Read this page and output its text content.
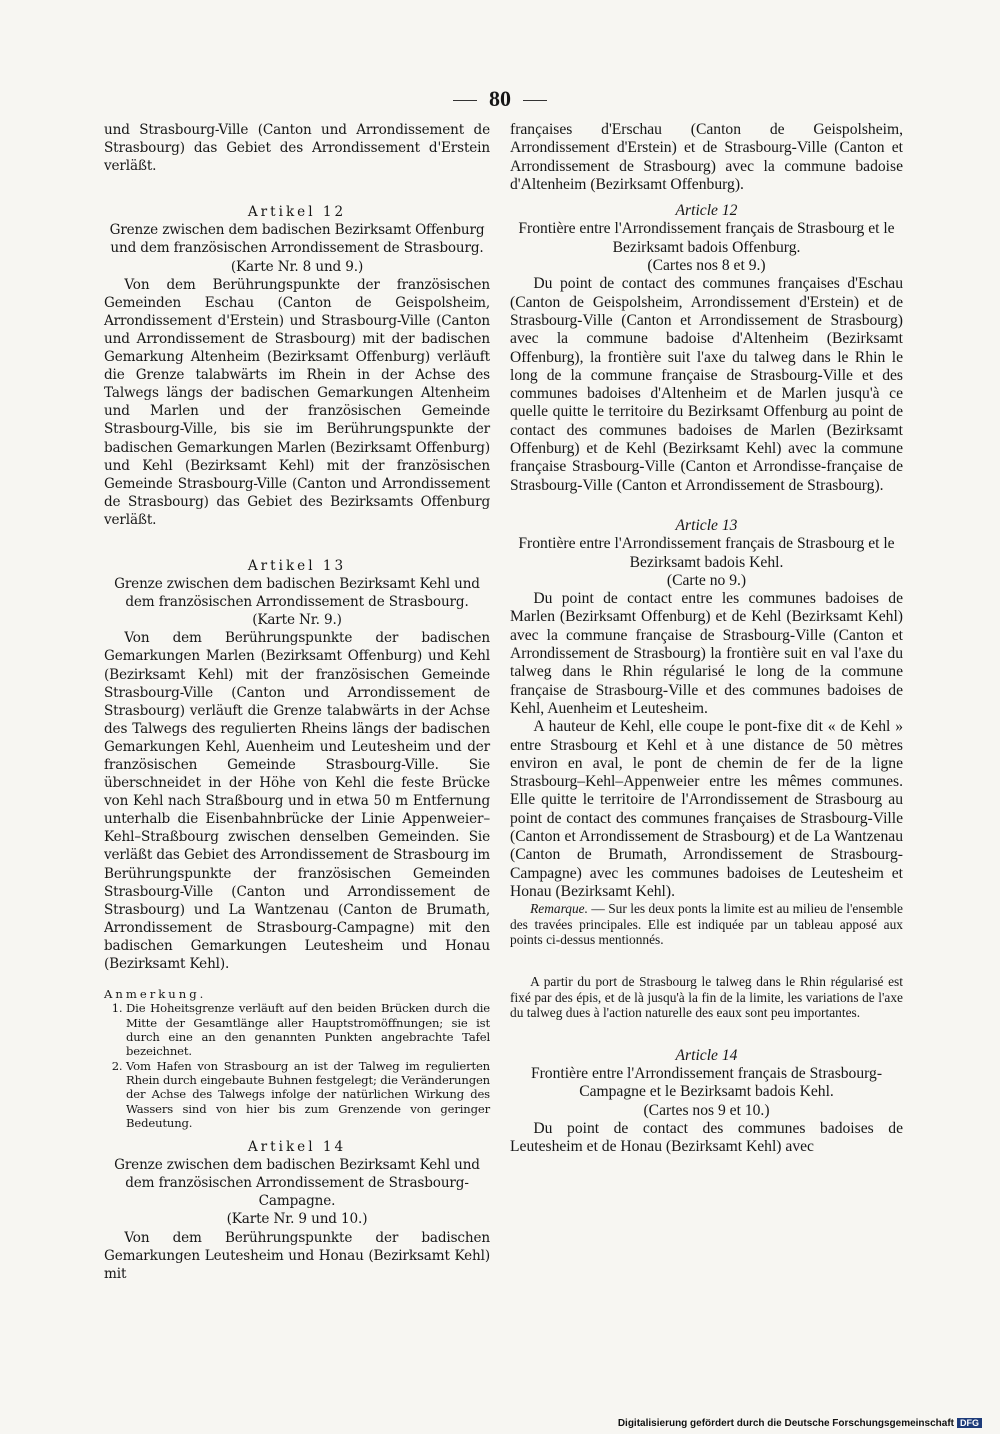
80

und Strasbourg-Ville (Canton und Arrondissement de Strasbourg) das Gebiet des Arrondissement d'Erstein verläßt.

Artikel 12

Grenze zwischen dem badischen Bezirksamt Offenburg und dem französischen Arrondissement de Strasbourg.

(Karte Nr. 8 und 9.)

Von dem Berührungspunkte der französischen Gemeinden Eschau (Canton de Geispolsheim, Arrondissement d'Erstein) und Strasbourg-Ville (Canton und Arrondissement de Strasbourg) mit der badischen Gemarkung Altenheim (Bezirksamt Offenburg) verläuft die Grenze talabwärts im Rhein in der Achse des Talwegs längs der badischen Gemarkungen Altenheim und Marlen und der französischen Gemeinde Strasbourg-Ville, bis sie im Berührungspunkte der badischen Gemarkungen Marlen (Bezirksamt Offenburg) und Kehl (Bezirksamt Kehl) mit der französischen Gemeinde Strasbourg-Ville (Canton und Arrondissement de Strasbourg) das Gebiet des Bezirksamts Offenburg verläßt.

Artikel 13

Grenze zwischen dem badischen Bezirksamt Kehl und dem französischen Arrondissement de Strasbourg.

(Karte Nr. 9.)

Von dem Berührungspunkte der badischen Gemarkungen Marlen (Bezirksamt Offenburg) und Kehl (Bezirksamt Kehl) mit der französischen Gemeinde Strasbourg-Ville (Canton und Arrondissement de Strasbourg) verläuft die Grenze talabwärts in der Achse des Talwegs des regulierten Rheins längs der badischen Gemarkungen Kehl, Auenheim und Leutesheim und der französischen Gemeinde Strasbourg-Ville. Sie überschneidet in der Höhe von Kehl die feste Brücke von Kehl nach Straßbourg und in etwa 50 m Entfernung unterhalb die Eisenbahnbrücke der Linie Appenweier–Kehl–Straßbourg zwischen denselben Gemeinden. Sie verläßt das Gebiet des Arrondissement de Strasbourg im Berührungspunkte der französischen Gemeinden Strasbourg-Ville (Canton und Arrondissement de Strasbourg) und La Wantzenau (Canton de Brumath, Arrondissement de Strasbourg-Campagne) mit den badischen Gemarkungen Leutesheim und Honau (Bezirksamt Kehl).

Anmerkung.
1. Die Hoheitsgrenze verläuft auf den beiden Brücken durch die Mitte der Gesamtlänge aller Hauptstromöffnungen; sie ist durch eine an den genannten Punkten angebrachte Tafel bezeichnet.
2. Vom Hafen von Strasbourg an ist der Talweg im regulierten Rhein durch eingebaute Buhnen festgelegt; die Veränderungen der Achse des Talwegs infolge der natürlichen Wirkung des Wassers sind von hier bis zum Grenzende von geringer Bedeutung.
Artikel 14

Grenze zwischen dem badischen Bezirksamt Kehl und dem französischen Arrondissement de Strasbourg-Campagne.

(Karte Nr. 9 und 10.)

Von dem Berührungspunkte der badischen Gemarkungen Leutesheim und Honau (Bezirksamt Kehl) mit

françaises d'Erschau (Canton de Geispolsheim, Arrondissement d'Erstein) et de Strasbourg-Ville (Canton et Arrondissement de Strasbourg) avec la commune badoise d'Altenheim (Bezirksamt Offenburg).

Article 12

Frontière entre l'Arrondissement français de Strasbourg et le Bezirksamt badois Offenburg.

(Cartes nos 8 et 9.)

Du point de contact des communes françaises d'Eschau (Canton de Geispolsheim, Arrondissement d'Erstein) et de Strasbourg-Ville (Canton et Arrondissement de Strasbourg) avec la commune badoise d'Altenheim (Bezirksamt Offenburg), la frontière suit l'axe du talweg dans le Rhin le long de la commune française de Strasbourg-Ville et des communes badoises d'Altenheim et de Marlen jusqu'à ce quelle quitte le territoire du Bezirksamt Offenburg au point de contact des communes badoises de Marlen (Bezirksamt Offenburg) et de Kehl (Bezirksamt Kehl) avec la commune française Strasbourg-Ville (Canton et Arrondisse-française de Strasbourg-Ville (Canton et Arrondissement de Strasbourg).

Article 13

Frontière entre l'Arrondissement français de Strasbourg et le Bezirksamt badois Kehl.

(Carte no 9.)

Du point de contact entre les communes badoises de Marlen (Bezirksamt Offenburg) et de Kehl (Bezirksamt Kehl) avec la commune française de Strasbourg-Ville (Canton et Arrondissement de Strasbourg) la frontière suit en val l'axe du talweg dans le Rhin régularisé le long de la commune française de Strasbourg-Ville et des communes badoises de Kehl, Auenheim et Leutesheim.

A hauteur de Kehl, elle coupe le pont-fixe dit « de Kehl » entre Strasbourg et Kehl et à une distance de 50 mètres environ en aval, le pont de chemin de fer de la ligne Strasbourg–Kehl–Appenweier entre les mêmes communes. Elle quitte le territoire de l'Arrondissement de Strasbourg au point de contact des communes françaises de Strasbourg-Ville (Canton et Arrondissement de Strasbourg) et de La Wantzenau (Canton de Brumath, Arrondissement de Strasbourg-Campagne) avec les communes badoises de Leutesheim et Honau (Bezirksamt Kehl).

Remarque. — Sur les deux ponts la limite est au milieu de l'ensemble des travées principales. Elle est indiquée par un tableau apposé aux points ci-dessus mentionnés.

A partir du port de Strasbourg le talweg dans le Rhin régularisé est fixé par des épis, et de là jusqu'à la fin de la limite, les variations de l'axe du talweg dues à l'action naturelle des eaux sont peu importantes.

Article 14

Frontière entre l'Arrondissement français de Strasbourg-Campagne et le Bezirksamt badois Kehl.

(Cartes nos 9 et 10.)

Du point de contact des communes badoises de Leutesheim et de Honau (Bezirksamt Kehl) avec

Digitalisierung gefördert durch die Deutsche Forschungsgemeinschaft DFG
